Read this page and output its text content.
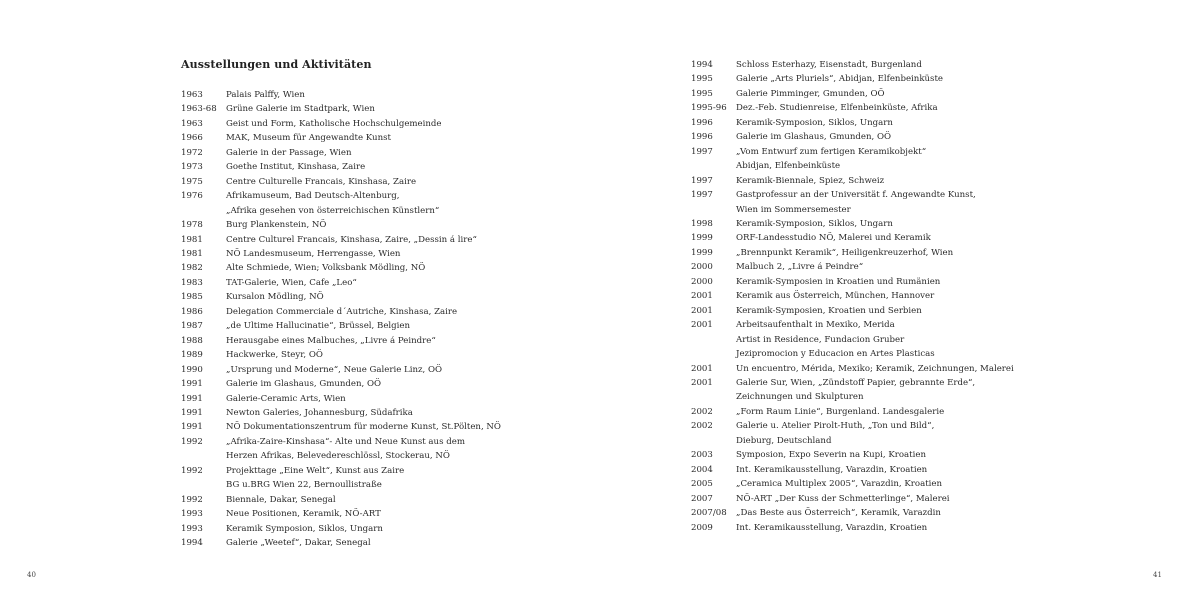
Ausstellungen und Aktivitäten
1963	Palais Palffy, Wien
1963-68	Grüne Galerie im Stadtpark, Wien
1963	Geist und Form, Katholische Hochschulgemeinde
1966	MAK, Museum für Angewandte Kunst
1972	Galerie in der Passage, Wien
1973	Goethe Institut, Kinshasa, Zaire
1975	Centre Culturelle Francais, Kinshasa, Zaire
1976	Afrikamuseum, Bad Deutsch-Altenburg,
„Afrika gesehen von österreichischen Künstlern“
1978	Burg Plankenstein, NÖ
1981	Centre Culturel Francais, Kinshasa, Zaire, „Dessin á lire“
1981	NÖ Landesmuseum, Herrengasse, Wien
1982	Alte Schmiede, Wien; Volksbank Mödling, NÖ
1983	TAT-Galerie, Wien, Cafe „Leo“
1985	Kursalon Mödling, NÖ
1986	Delegation Commerciale d´Autriche, Kinshasa, Zaire
1987	„de Ultime Hallucinatie“, Brüssel, Belgien
1988	Herausgabe eines Malbuches, „Livre á Peindre“
1989	Hackwerke, Steyr, OÖ
1990	„Ursprung und Moderne“, Neue Galerie Linz, OÖ
1991	Galerie im Glashaus, Gmunden, OÖ
1991	Galerie-Ceramic Arts, Wien
1991	Newton Galeries, Johannesburg, Südafrika
1991	NÖ Dokumentationszentrum für moderne Kunst, St.Pölten, NÖ
1992	„Afrika-Zaire-Kinshasa“- Alte und Neue Kunst aus dem
Herzen Afrikas, Belevedereschlössl, Stockerau, NÖ
1992	Projekttage „Eine Welt“, Kunst aus Zaire
BG u.BRG Wien 22, Bernoullistraße
1992	Biennale, Dakar, Senegal
1993	Neue Positionen, Keramik, NÖ-ART
1993	Keramik Symposion, Siklos, Ungarn
1994	Galerie „Weetef“, Dakar, Senegal
1994	Schloss Esterhazy, Eisenstadt, Burgenland
1995	Galerie „Arts Pluriels“, Abidjan, Elfenbeinküste
1995	Galerie Pimminger, Gmunden, OÖ
1995-96	Dez.-Feb. Studienreise, Elfenbeinküste, Afrika
1996	Keramik-Symposion, Siklos, Ungarn
1996	Galerie im Glashaus, Gmunden, OÖ
1997	„Vom Entwurf zum fertigen Keramikobjekt“
Abidjan, Elfenbeinküste
1997	Keramik-Biennale, Spiez, Schweiz
1997	Gastprofessur an der Universität f. Angewandte Kunst,
Wien im Sommersemester
1998	Keramik-Symposion, Siklos, Ungarn
1999	ORF-Landesstudio NÖ, Malerei und Keramik
1999	„Brennpunkt Keramik“, Heiligenkreuzerhof, Wien
2000	Malbuch 2, „Livre á Peindre“
2000	Keramik-Symposien in Kroatien und Rumänien
2001	Keramik aus Österreich, München, Hannover
2001	Keramik-Symposien, Kroatien und Serbien
2001	Arbeitsaufenthalt in Mexiko, Merida
Artist in Residence, Fundacion Gruber
Jezipromocion y Educacion en Artes Plasticas
2001	Un encuentro, Mérida, Mexiko; Keramik, Zeichnungen, Malerei
2001	Galerie Sur, Wien, „Zündstoff Papier, gebrannte Erde“,
Zeichnungen und Skulpturen
2002	„Form Raum Linie“, Burgenland. Landesgalerie
2002	Galerie u. Atelier Pirolt-Huth, „Ton und Bild“,
Dieburg, Deutschland
2003	Symposion, Expo Severin na Kupi, Kroatien
2004	Int. Keramikausstellung, Varazdin, Kroatien
2005	„Ceramica Multiplex 2005“, Varazdin, Kroatien
2007	NÖ-ART „Der Kuss der Schmetterlinge“, Malerei
2007/08	„Das Beste aus Österreich“, Keramik, Varazdin
2009	Int. Keramikausstellung, Varazdin, Kroatien
40	41
